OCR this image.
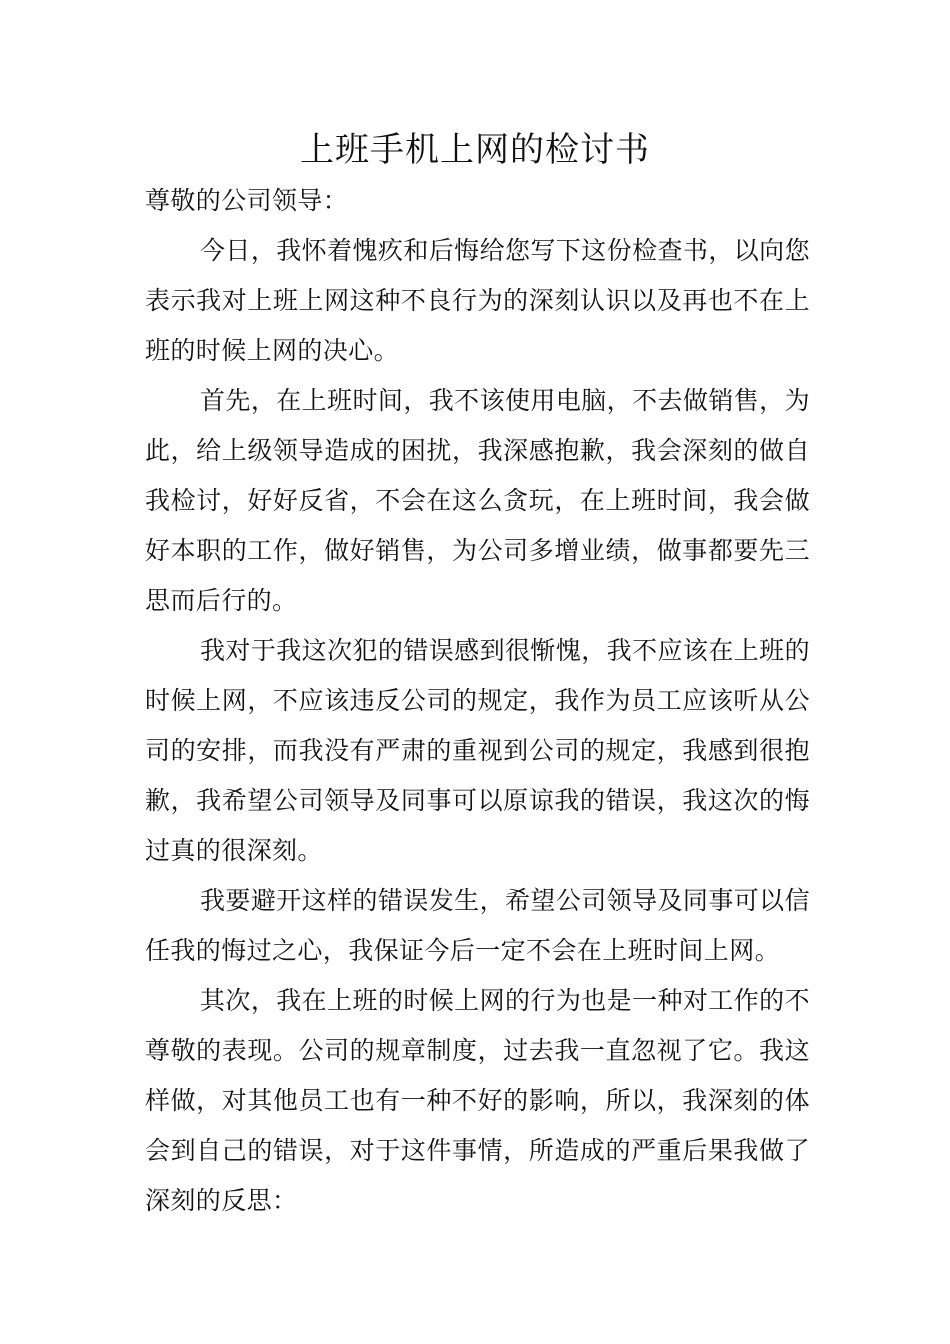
上班手机上网的检讨书

尊敬的公司领导：

今日，我怀着愧疚和后悔给您写下这份检查书，以向您表示我对上班上网这种不良行为的深刻认识以及再也不在上班的时候上网的决心。

首先，在上班时间，我不该使用电脑，不去做销售，为此，给上级领导造成的困扰，我深感抱歉，我会深刻的做自我检讨，好好反省，不会在这么贪玩，在上班时间，我会做好本职的工作，做好销售，为公司多增业绩，做事都要先三思而后行的。

我对于我这次犯的错误感到很惭愧，我不应该在上班的时候上网，不应该违反公司的规定，我作为员工应该听从公司的安排，而我没有严肃的重视到公司的规定，我感到很抱歉，我希望公司领导及同事可以原谅我的错误，我这次的悔过真的很深刻。

我要避开这样的错误发生，希望公司领导及同事可以信任我的悔过之心，我保证今后一定不会在上班时间上网。

其次，我在上班的时候上网的行为也是一种对工作的不尊敬的表现。公司的规章制度，过去我一直忽视了它。我这样做，对其他员工也有一种不好的影响，所以，我深刻的体会到自己的错误，对于这件事情，所造成的严重后果我做了深刻的反思：
